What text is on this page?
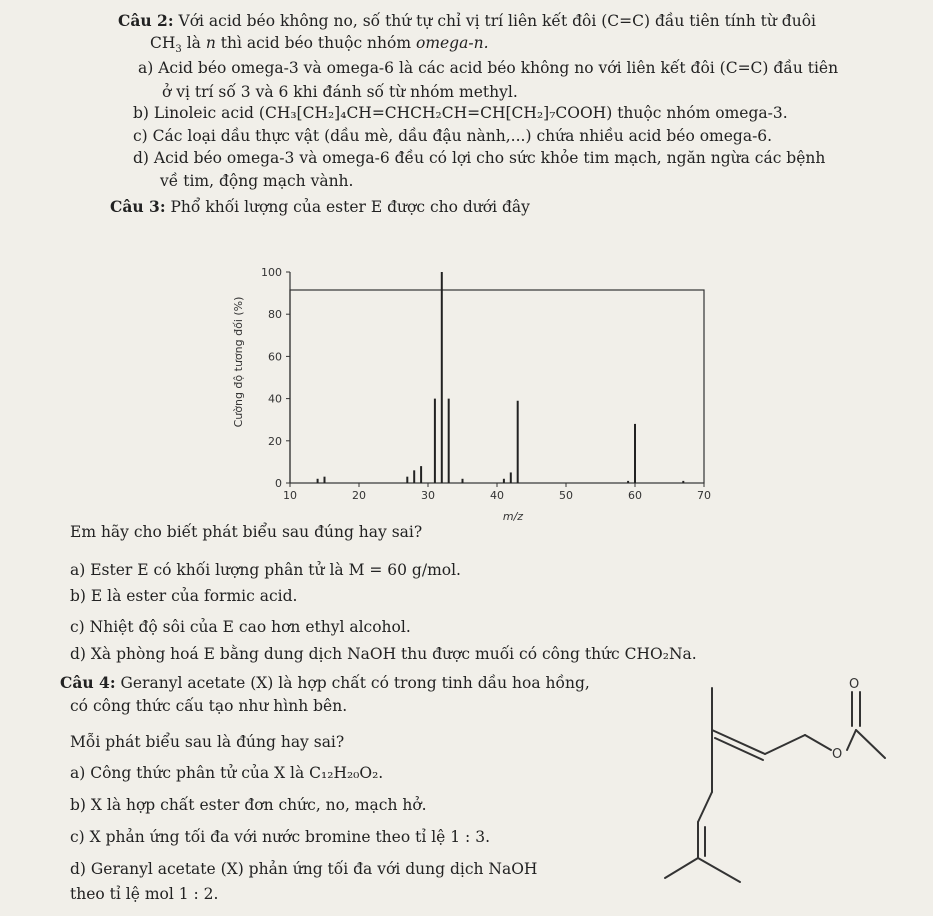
Câu 2: Với acid béo không no, số thứ tự chỉ vị trí liên kết đôi (C=C) đầu tiên tính từ đuôi
$CH_3$ là n thì acid béo thuộc nhóm omega-n.
a) Acid béo omega-3 và omega-6 là các acid béo không no với liên kết đôi (C=C) đầu tiên
ở vị trí số 3 và 6 khi đánh số từ nhóm methyl.
b) Linoleic acid (CH₃[CH₂]₄CH=CHCH₂CH=CH[CH₂]₇COOH) thuộc nhóm omega-3.
c) Các loại dầu thực vật (dầu mè, dầu đậu nành,...) chứa nhiều acid béo omega-6.
d) Acid béo omega-3 và omega-6 đều có lợi cho sức khỏe tim mạch, ngăn ngừa các bệnh
về tim, động mạch vành.
Câu 3: Phổ khối lượng của ester E được cho dưới đây
Cường độ tương đối (%)
m/z
0
20
40
60
80
100
10	20	30	40	50	60	70
Em hãy cho biết phát biểu sau đúng hay sai?
a) Ester E có khối lượng phân tử là M = 60 g/mol.
b) E là ester của formic acid.
c) Nhiệt độ sôi của E cao hơn ethyl alcohol.
d) Xà phòng hoá E bằng dung dịch NaOH thu được muối có công thức CHO₂Na.
Câu 4: Geranyl acetate (X) là hợp chất có trong tinh dầu hoa hồng,
có công thức cấu tạo như hình bên.
Mỗi phát biểu sau là đúng hay sai?
a) Công thức phân tử của X là C₁₂H₂₀O₂.
b) X là hợp chất ester đơn chức, no, mạch hở.
c) X phản ứng tối đa với nước bromine theo tỉ lệ 1 : 3.
d) Geranyl acetate (X) phản ứng tối đa với dung dịch NaOH
theo tỉ lệ mol 1 : 2.
O
O
